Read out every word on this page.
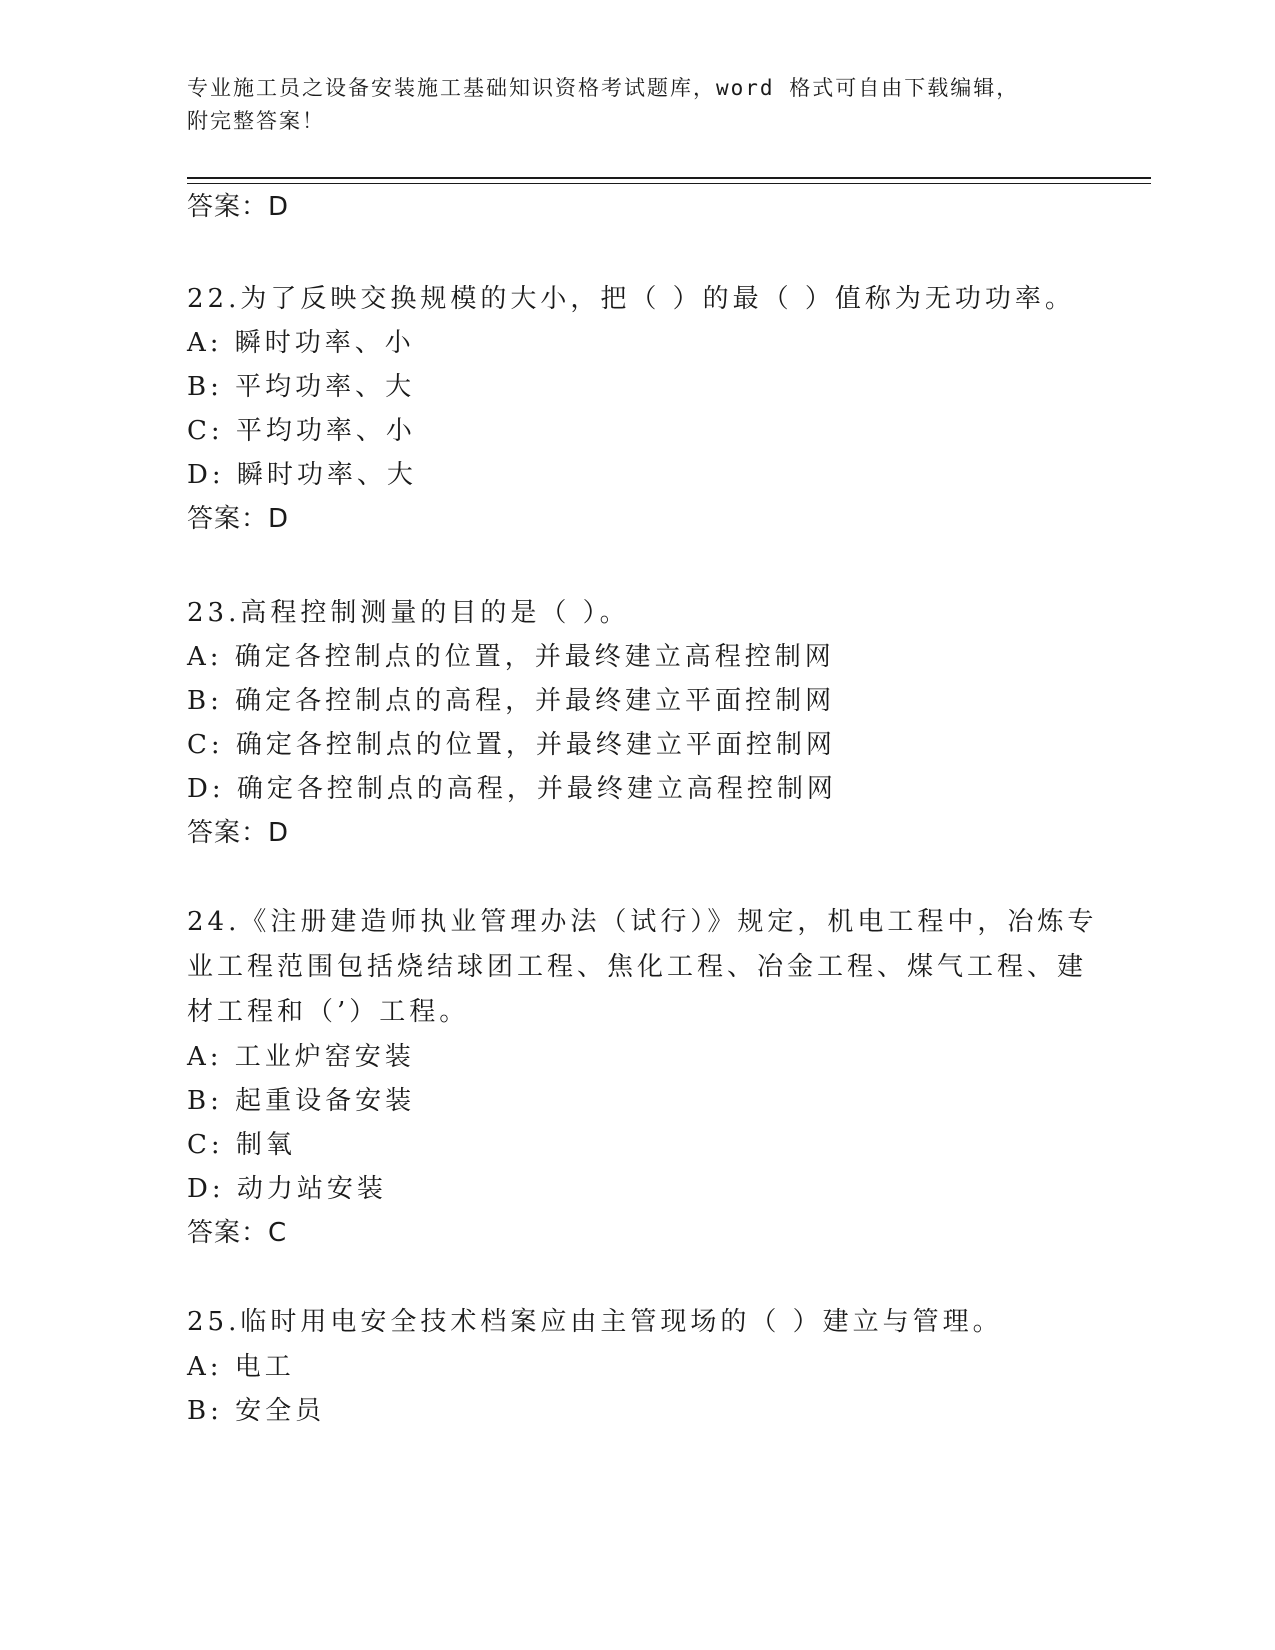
专业施工员之设备安装施工基础知识资格考试题库，word 格式可自由下载编辑，
附完整答案！
答案：D
22.为了反映交换规模的大小，把（ ）的最（ ）值称为无功功率。
A: 瞬时功率、小
B: 平均功率、大
C: 平均功率、小
D: 瞬时功率、大
答案：D
23.高程控制测量的目的是（ ）。
A: 确定各控制点的位置，并最终建立高程控制网
B: 确定各控制点的高程，并最终建立平面控制网
C: 确定各控制点的位置，并最终建立平面控制网
D: 确定各控制点的高程，并最终建立高程控制网
答案：D
24.《注册建造师执业管理办法（试行）》规定，机电工程中，冶炼专
业工程范围包括烧结球团工程、焦化工程、冶金工程、煤气工程、建
材工程和（’）工程。
A: 工业炉窑安装
B: 起重设备安装
C: 制氧
D: 动力站安装
答案：C
25.临时用电安全技术档案应由主管现场的（ ）建立与管理。
A: 电工
B: 安全员
